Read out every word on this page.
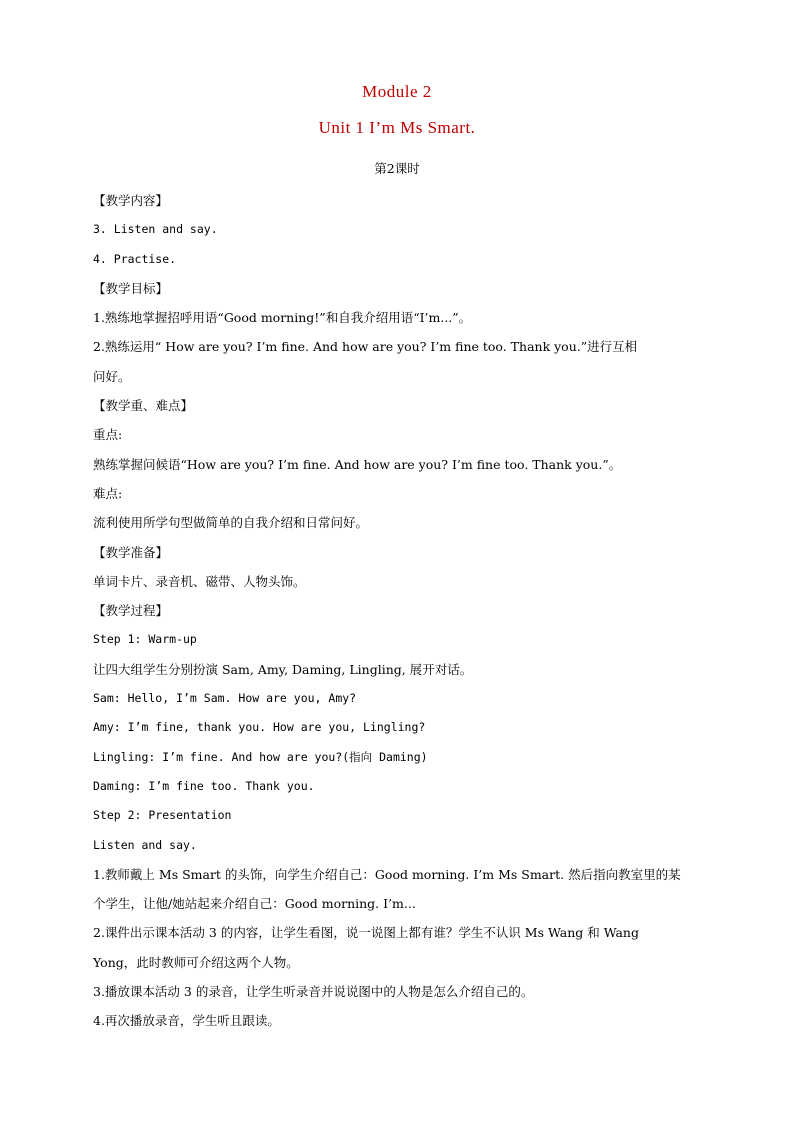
Module 2
Unit 1 I’m Ms Smart.
第2课时
【教学内容】
3. Listen and say.
4. Practise.
【教学目标】
1.熟练地掌握招呼用语“Good morning!”和自我介绍用语“I’m...”。
2.熟练运用“ How are you? I’m fine. And how are you? I’m fine too. Thank you.”进行互相
问好。
【教学重、难点】
重点:
熟练掌握问候语“How are you? I’m fine. And how are you? I’m fine too. Thank you.”。
难点:
流利使用所学句型做简单的自我介绍和日常问好。
【教学准备】
单词卡片、录音机、磁带、人物头饰。
【教学过程】
Step 1: Warm-up
让四大组学生分别扮演 Sam, Amy, Daming, Lingling, 展开对话。
Sam: Hello, I’m Sam. How are you, Amy?
Amy: I’m fine, thank you. How are you, Lingling?
Lingling: I’m fine. And how are you?(指向 Daming)
Daming: I’m fine too. Thank you.
Step 2: Presentation
Listen and say.
1.教师戴上 Ms Smart 的头饰，向学生介绍自己：Good morning. I’m Ms Smart. 然后指向教室里的某
个学生，让他/她站起来介绍自己：Good morning. I’m...
2.课件出示课本活动 3 的内容，让学生看图，说一说图上都有谁？学生不认识 Ms Wang 和 Wang
Yong，此时教师可介绍这两个人物。
3.播放课本活动 3 的录音，让学生听录音并说说图中的人物是怎么介绍自己的。
4.再次播放录音，学生听且跟读。
